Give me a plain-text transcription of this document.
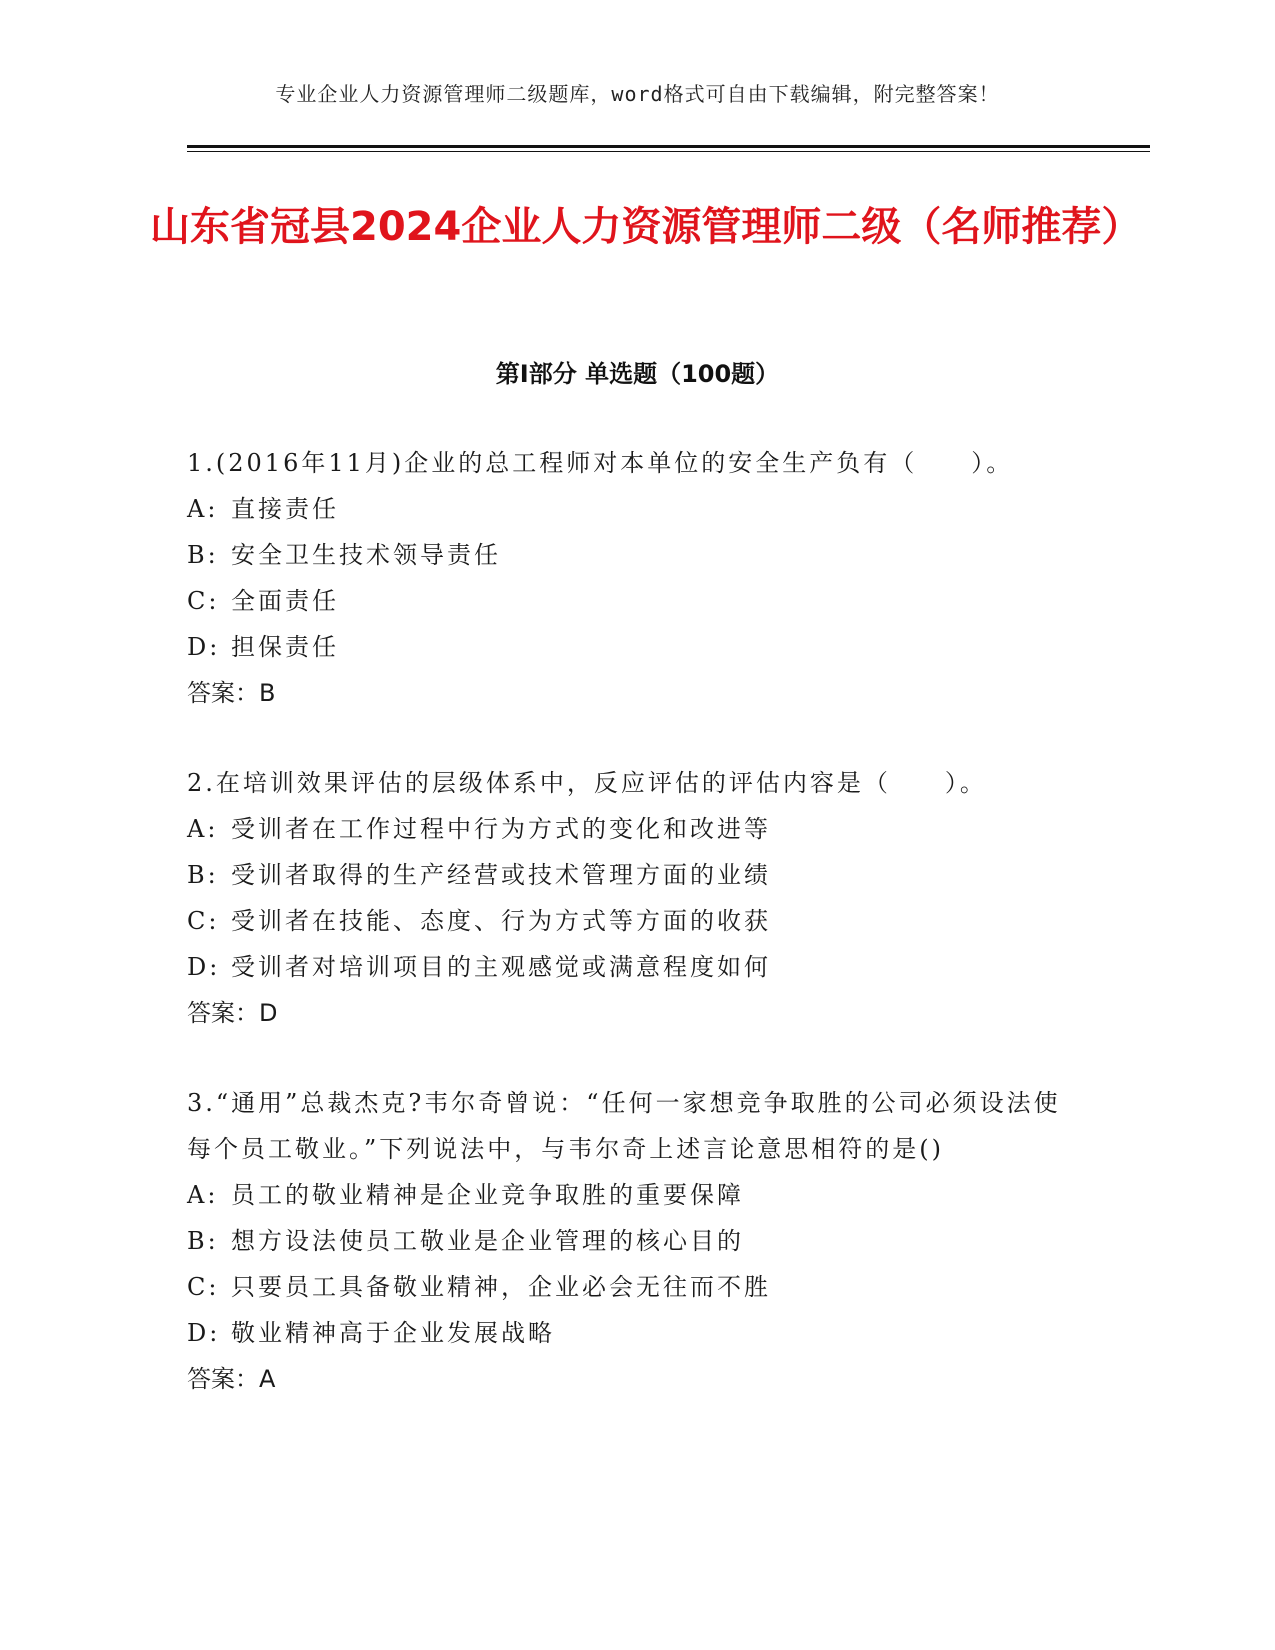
专业企业人力资源管理师二级题库，word格式可自由下载编辑，附完整答案！
山东省冠县2024企业人力资源管理师二级（名师推荐）
第Ⅰ部分 单选题（100题）

1.(2016年11月)企业的总工程师对本单位的安全生产负有（　　）。

A: 直接责任

B: 安全卫生技术领导责任

C: 全面责任

D: 担保责任

答案：B

2.在培训效果评估的层级体系中，反应评估的评估内容是（　　）。

A: 受训者在工作过程中行为方式的变化和改进等

B: 受训者取得的生产经营或技术管理方面的业绩

C: 受训者在技能、态度、行为方式等方面的收获

D: 受训者对培训项目的主观感觉或满意程度如何

答案：D

3.“通用”总裁杰克?韦尔奇曾说：“任何一家想竞争取胜的公司必须设法使每个员工敬业。”下列说法中，与韦尔奇上述言论意思相符的是()

A: 员工的敬业精神是企业竞争取胜的重要保障

B: 想方设法使员工敬业是企业管理的核心目的

C: 只要员工具备敬业精神，企业必会无往而不胜

D: 敬业精神高于企业发展战略

答案：A
